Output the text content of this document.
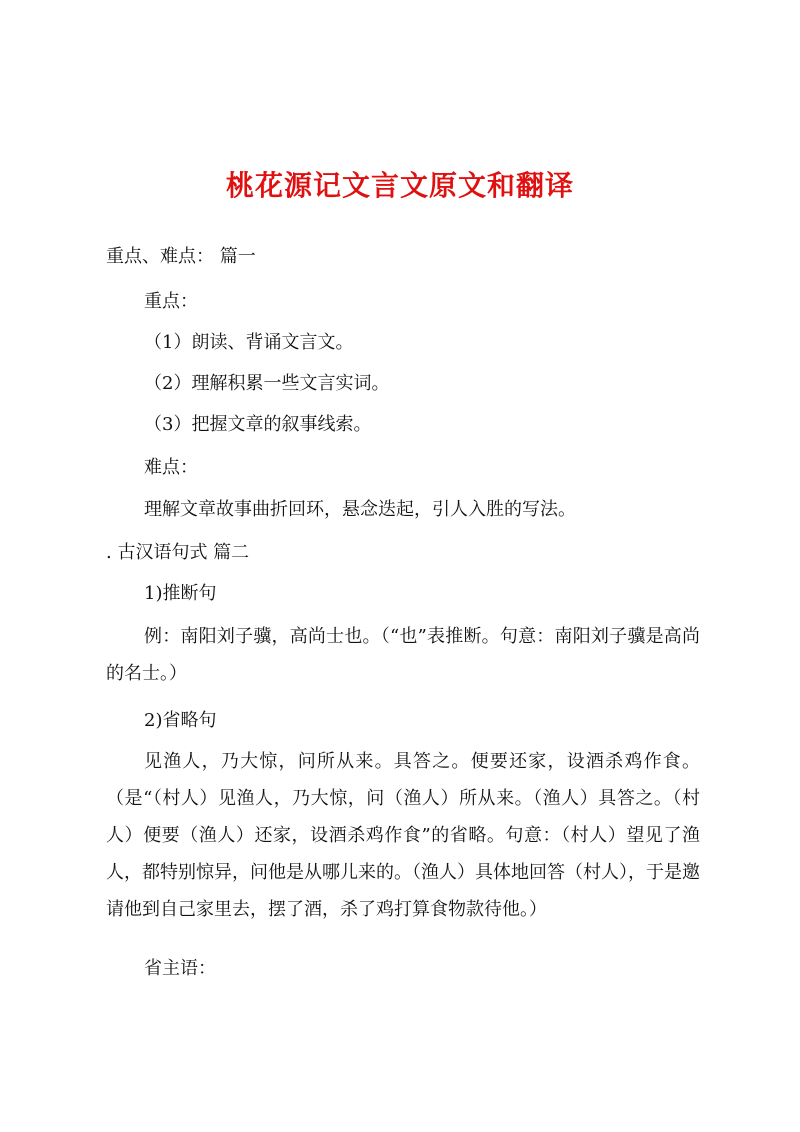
桃花源记文言文原文和翻译
重点、难点： 篇一
重点：
（1）朗读、背诵文言文。
（2）理解积累一些文言实词。
（3）把握文章的叙事线索。
难点：
理解文章故事曲折回环，悬念迭起，引人入胜的写法。
. 古汉语句式 篇二
1)推断句
例：南阳刘子骥，高尚士也。（“也”表推断。句意：南阳刘子骥是高尚的名士。）
2)省略句
见渔人，乃大惊，问所从来。具答之。便要还家，设酒杀鸡作食。（是“（村人）见渔人，乃大惊，问（渔人）所从来。（渔人）具答之。（村人）便要（渔人）还家，设酒杀鸡作食”的省略。句意：（村人）望见了渔人，都特别惊异，问他是从哪儿来的。（渔人）具体地回答（村人），于是邀请他到自己家里去，摆了酒，杀了鸡打算食物款待他。）
省主语：
